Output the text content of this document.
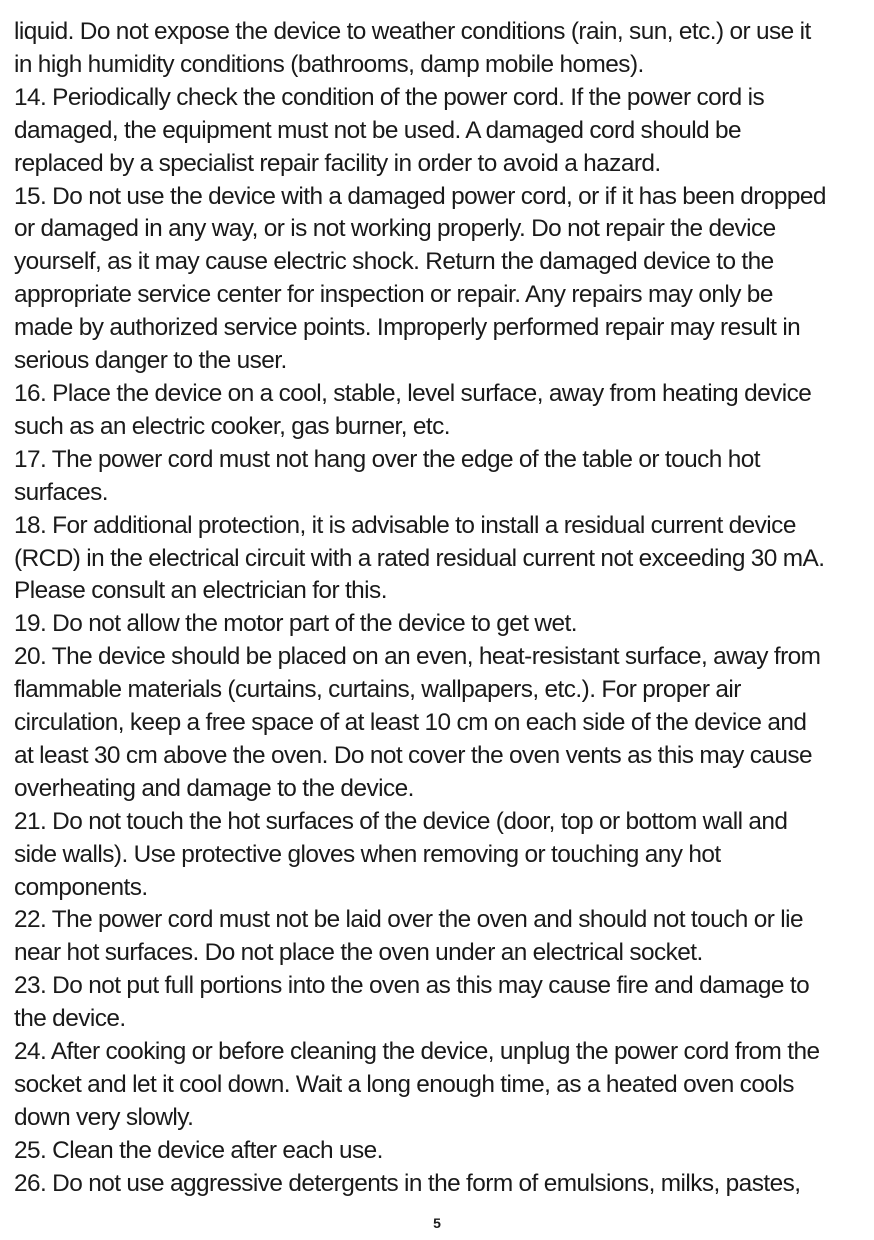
liquid. Do not expose the device to weather conditions (rain, sun, etc.) or use it
in high humidity conditions (bathrooms, damp mobile homes).
14. Periodically check the condition of the power cord. If the power cord is
damaged, the equipment must not be used. A damaged cord should be
replaced by a specialist repair facility in order to avoid a hazard.
15. Do not use the device with a damaged power cord, or if it has been dropped
or damaged in any way, or is not working properly. Do not repair the device
yourself, as it may cause electric shock. Return the damaged device to the
appropriate service center for inspection or repair. Any repairs may only be
made by authorized service points. Improperly performed repair may result in
serious danger to the user.
16. Place the device on a cool, stable, level surface, away from heating device
such as an electric cooker, gas burner, etc.
17. The power cord must not hang over the edge of the table or touch hot
surfaces.
18. For additional protection, it is advisable to install a residual current device
(RCD) in the electrical circuit with a rated residual current not exceeding 30 mA.
Please consult an electrician for this.
19. Do not allow the motor part of the device to get wet.
20. The device should be placed on an even, heat-resistant surface, away from
flammable materials (curtains, curtains, wallpapers, etc.). For proper air
circulation, keep a free space of at least 10 cm on each side of the device and
at least 30 cm above the oven. Do not cover the oven vents as this may cause
overheating and damage to the device.
21. Do not touch the hot surfaces of the device (door, top or bottom wall and
side walls). Use protective gloves when removing or touching any hot
components.
22. The power cord must not be laid over the oven and should not touch or lie
near hot surfaces. Do not place the oven under an electrical socket.
23. Do not put full portions into the oven as this may cause fire and damage to
the device.
24. After cooking or before cleaning the device, unplug the power cord from the
socket and let it cool down. Wait a long enough time, as a heated oven cools
down very slowly.
25. Clean the device after each use.
26. Do not use aggressive detergents in the form of emulsions, milks, pastes,
5
